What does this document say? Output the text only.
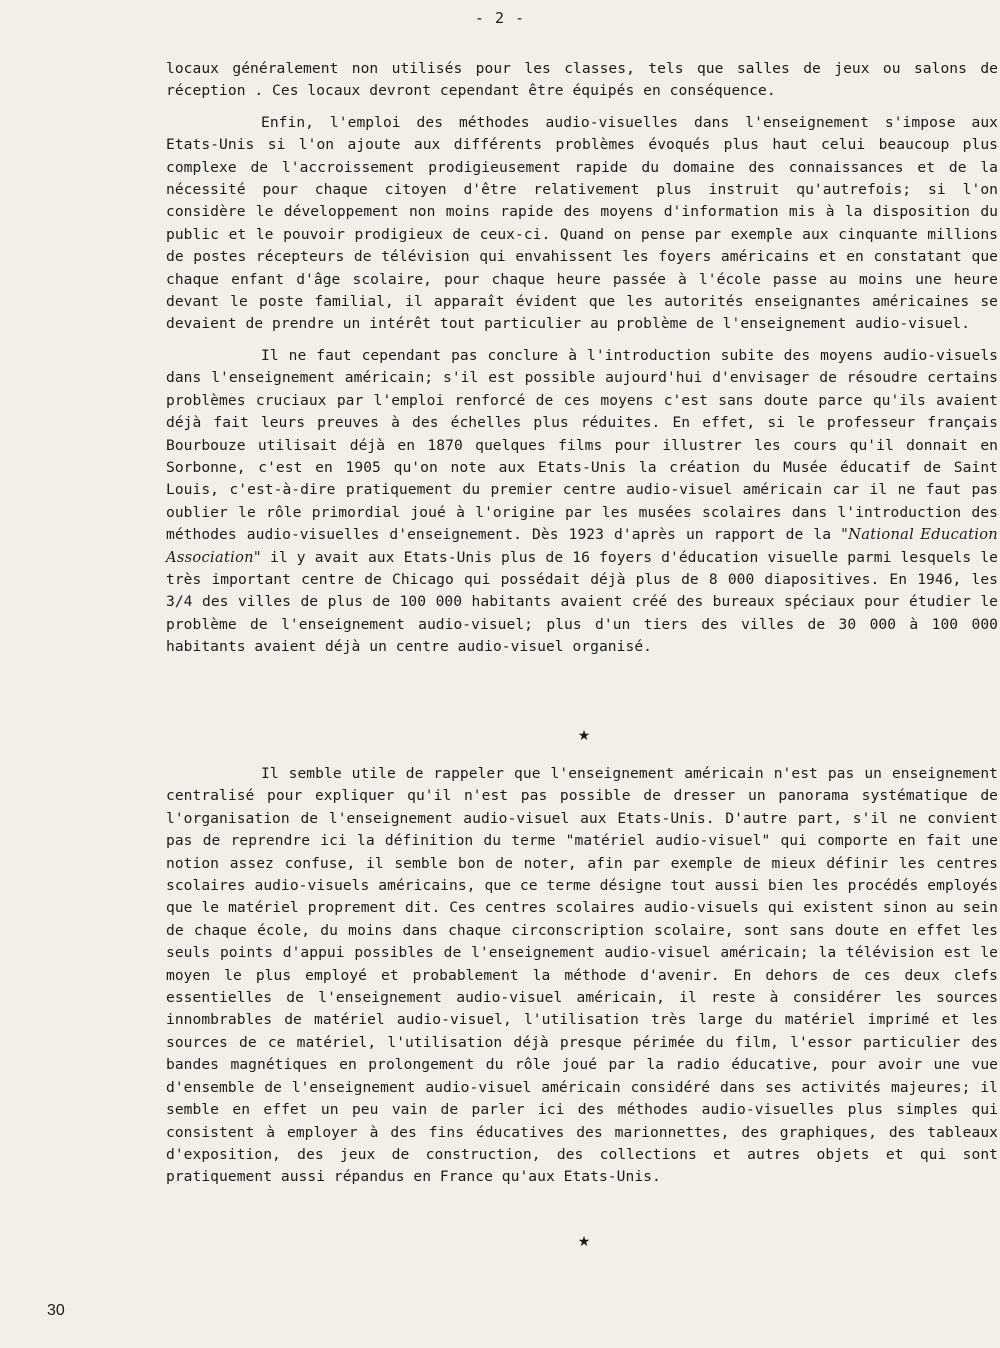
- 2 -

locaux généralement non utilisés pour les classes, tels que salles de jeux ou salons de réception . Ces locaux devront cependant être équipés en conséquence.

Enfin, l'emploi des méthodes audio-visuelles dans l'enseignement s'impose aux Etats-Unis si l'on ajoute aux différents problèmes évoqués plus haut celui beaucoup plus complexe de l'accroissement prodigieusement rapide du domaine des connaissances et de la nécessité pour chaque citoyen d'être relativement plus instruit qu'autrefois; si l'on considère le développement non moins rapide des moyens d'information mis à la disposition du public et le pouvoir prodigieux de ceux-ci. Quand on pense par exemple aux cinquante millions de postes récepteurs de télévision qui envahissent les foyers américains et en constatant que chaque enfant d'âge scolaire, pour chaque heure passée à l'école passe au moins une heure devant le poste familial, il apparaît évident que les autorités enseignantes américaines se devaient de prendre un intérêt tout particulier au problème de l'enseignement audio-visuel.

Il ne faut cependant pas conclure à l'introduction subite des moyens audio-visuels dans l'enseignement américain; s'il est possible aujourd'hui d'envisager de résoudre certains problèmes cruciaux par l'emploi renforcé de ces moyens c'est sans doute parce qu'ils avaient déjà fait leurs preuves à des échelles plus réduites. En effet, si le professeur français Bourbouze utilisait déjà en 1870 quelques films pour illustrer les cours qu'il donnait en Sorbonne, c'est en 1905 qu'on note aux Etats-Unis la création du Musée éducatif de Saint Louis, c'est-à-dire pratiquement du premier centre audio-visuel américain car il ne faut pas oublier le rôle primordial joué à l'origine par les musées scolaires dans l'introduction des méthodes audio-visuelles d'enseignement. Dès 1923 d'après un rapport de la "National Education Association" il y avait aux Etats-Unis plus de 16 foyers d'éducation visuelle parmi lesquels le très important centre de Chicago qui possédait déjà plus de 8 000 diapositives. En 1946, les 3/4 des villes de plus de 100 000 habitants avaient créé des bureaux spéciaux pour étudier le problème de l'enseignement audio-visuel; plus d'un tiers des villes de 30 000 à 100 000 habitants avaient déjà un centre audio-visuel organisé.

★

Il semble utile de rappeler que l'enseignement américain n'est pas un enseignement centralisé pour expliquer qu'il n'est pas possible de dresser un panorama systématique de l'organisation de l'enseignement audio-visuel aux Etats-Unis. D'autre part, s'il ne convient pas de reprendre ici la définition du terme "matériel audio-visuel" qui comporte en fait une notion assez confuse, il semble bon de noter, afin par exemple de mieux définir les centres scolaires audio-visuels américains, que ce terme désigne tout aussi bien les procédés employés que le matériel proprement dit. Ces centres scolaires audio-visuels qui existent sinon au sein de chaque école, du moins dans chaque circonscription scolaire, sont sans doute en effet les seuls points d'appui possibles de l'enseignement audio-visuel américain; la télévision est le moyen le plus employé et probablement la méthode d'avenir. En dehors de ces deux clefs essentielles de l'enseignement audio-visuel américain, il reste à considérer les sources innombrables de matériel audio-visuel, l'utilisation très large du matériel imprimé et les sources de ce matériel, l'utilisation déjà presque périmée du film, l'essor particulier des bandes magnétiques en prolongement du rôle joué par la radio éducative, pour avoir une vue d'ensemble de l'enseignement audio-visuel américain considéré dans ses activités majeures; il semble en effet un peu vain de parler ici des méthodes audio-visuelles plus simples qui consistent à employer à des fins éducatives des marionnettes, des graphiques, des tableaux d'exposition, des jeux de construction, des collections et autres objets et qui sont pratiquement aussi répandus en France qu'aux Etats-Unis.

★
30
